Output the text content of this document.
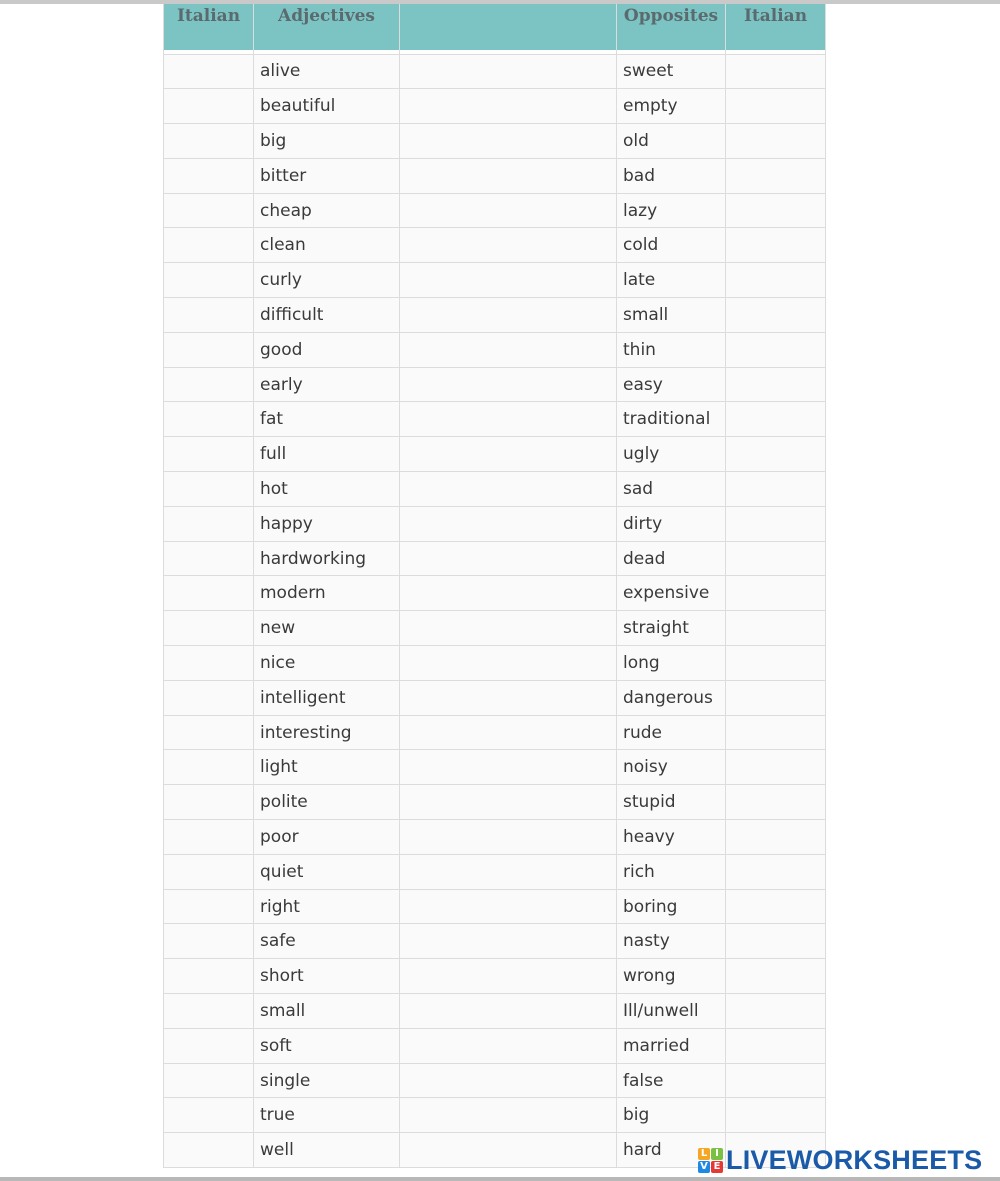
Italian	Adjectives		Opposites	Italian

	alive		sweet	
	beautiful		empty	
	big		old	
	bitter		bad	
	cheap		lazy	
	clean		cold	
	curly		late	
	difficult		small	
	good		thin	
	early		easy	
	fat		traditional	
	full		ugly	
	hot		sad	
	happy		dirty	
	hardworking		dead	
	modern		expensive	
	new		straight	
	nice		long	
	intelligent		dangerous	
	interesting		rude	
	light		noisy	
	polite		stupid	
	poor		heavy	
	quiet		rich	
	right		boring	
	safe		nasty	
	short		wrong	
	small		Ill/unwell	
	soft		married	
	single		false	
	true		big	
	well		hard		L I
V E LIVEWORKSHEETS
